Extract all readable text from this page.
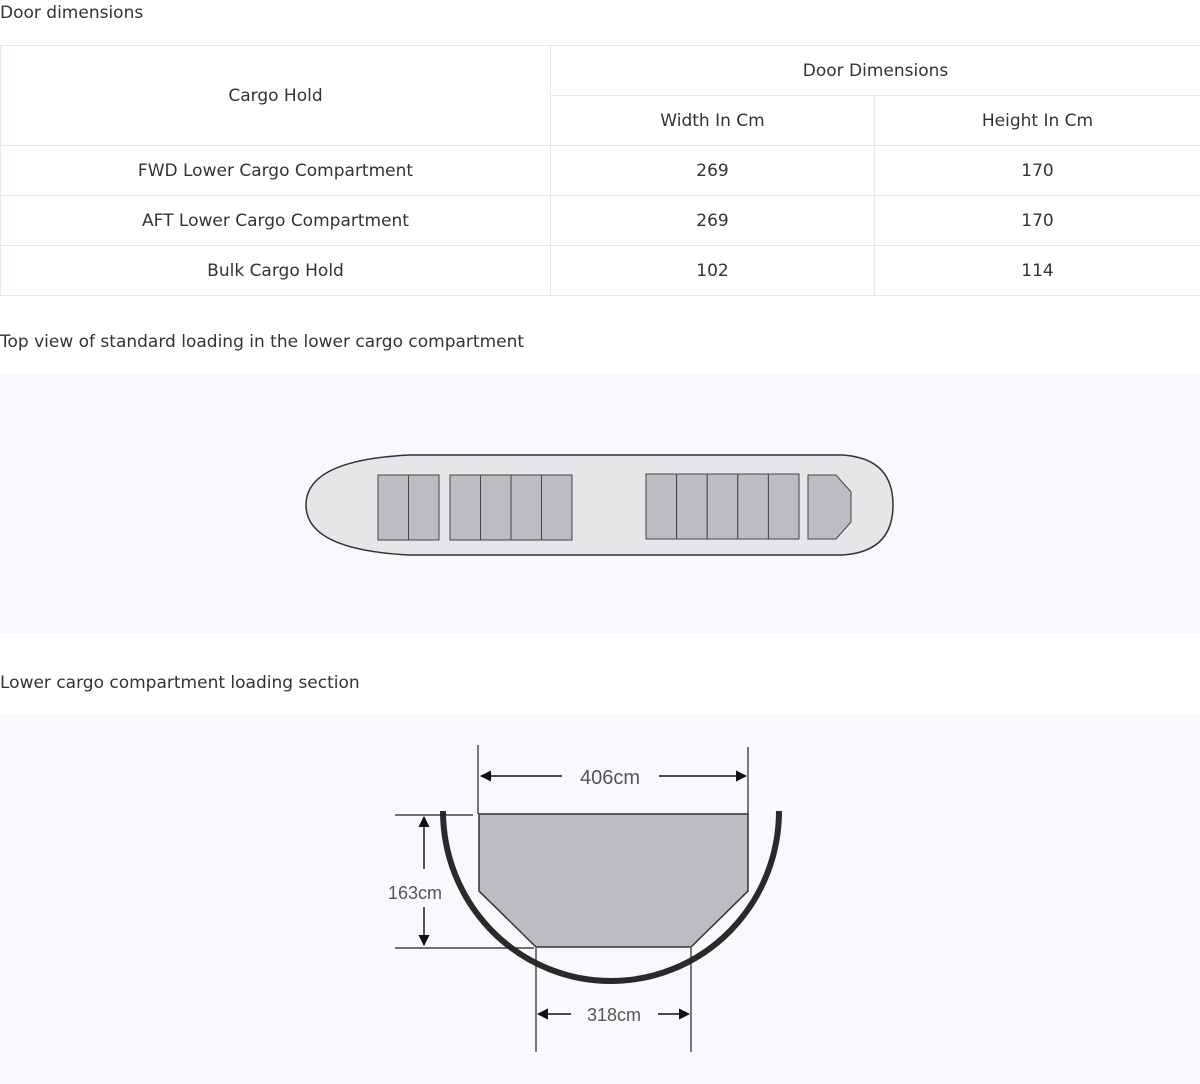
Door dimensions
Cargo Hold	Door Dimensions	
	Width In Cm	Height In Cm
FWD Lower Cargo Compartment	269	170
AFT Lower Cargo Compartment	269	170
Bulk Cargo Hold	102	114
Top view of standard loading in the lower cargo compartment
Lower cargo compartment loading section
406cm
163cm
318cm
